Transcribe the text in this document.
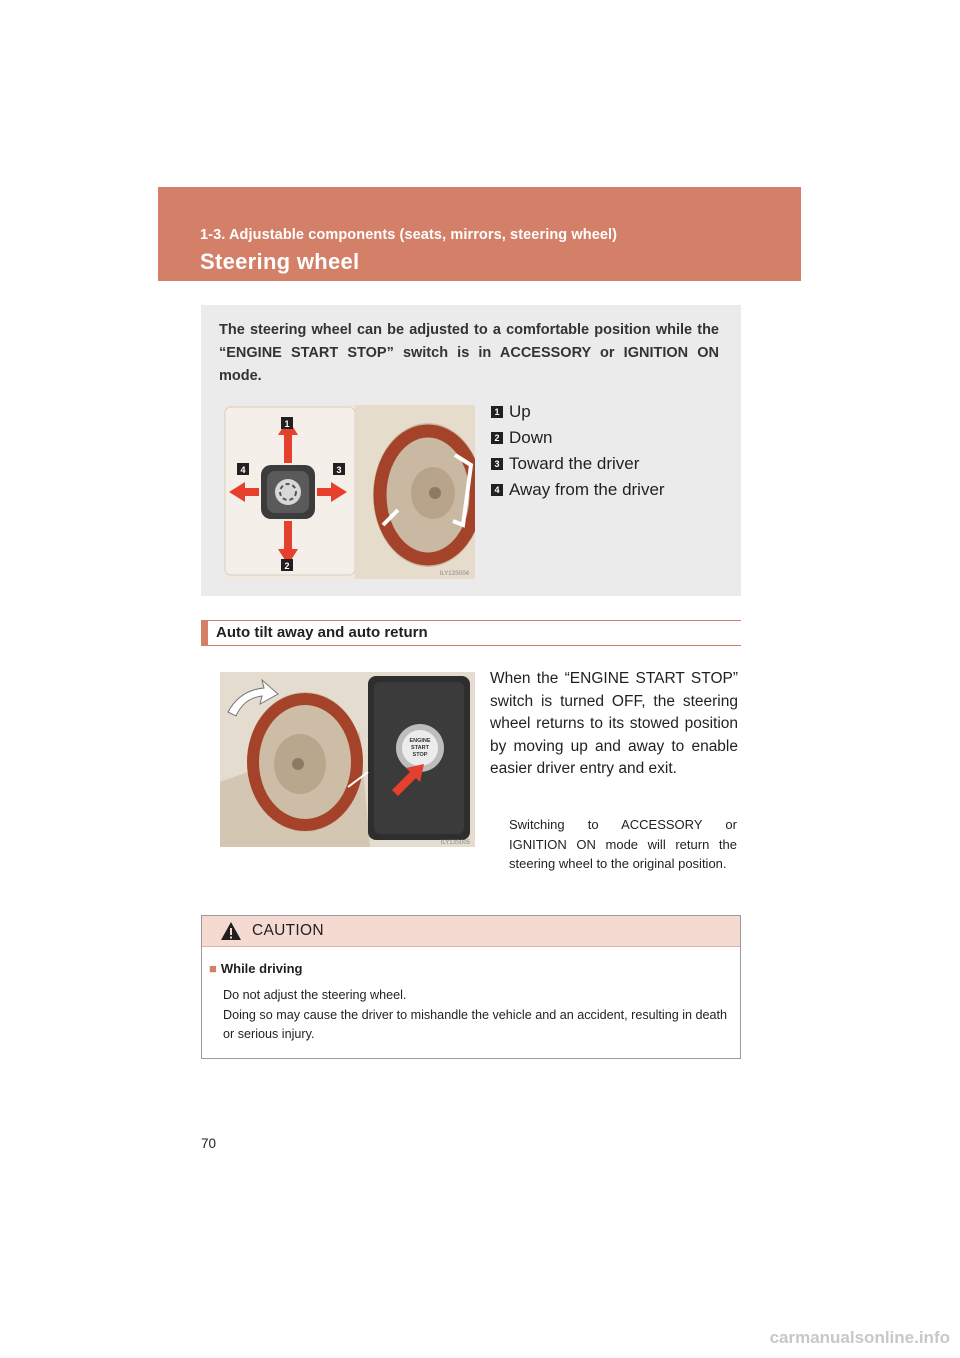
1-3. Adjustable components (seats, mirrors, steering wheel)
Steering wheel
The steering wheel can be adjusted to a comfortable position while the “ENGINE START STOP” switch is in ACCESSORY or IGNITION ON mode.
1
2
3
4
ILY13S004
1 Up
2 Down
3 Toward the driver
4 Away from the driver
Auto tilt away and auto return
ENGINE
START
STOP
ILY13S005
When the “ENGINE START STOP” switch is turned OFF, the steering wheel returns to its stowed position by moving up and away to enable easier driver entry and exit.
Switching to ACCESSORY or IGNITION ON mode will return the steering wheel to the original position.
CAUTION
■ While driving
Do not adjust the steering wheel.
Doing so may cause the driver to mishandle the vehicle and an accident, resulting in death or serious injury.
70
carmanualsonline.info
